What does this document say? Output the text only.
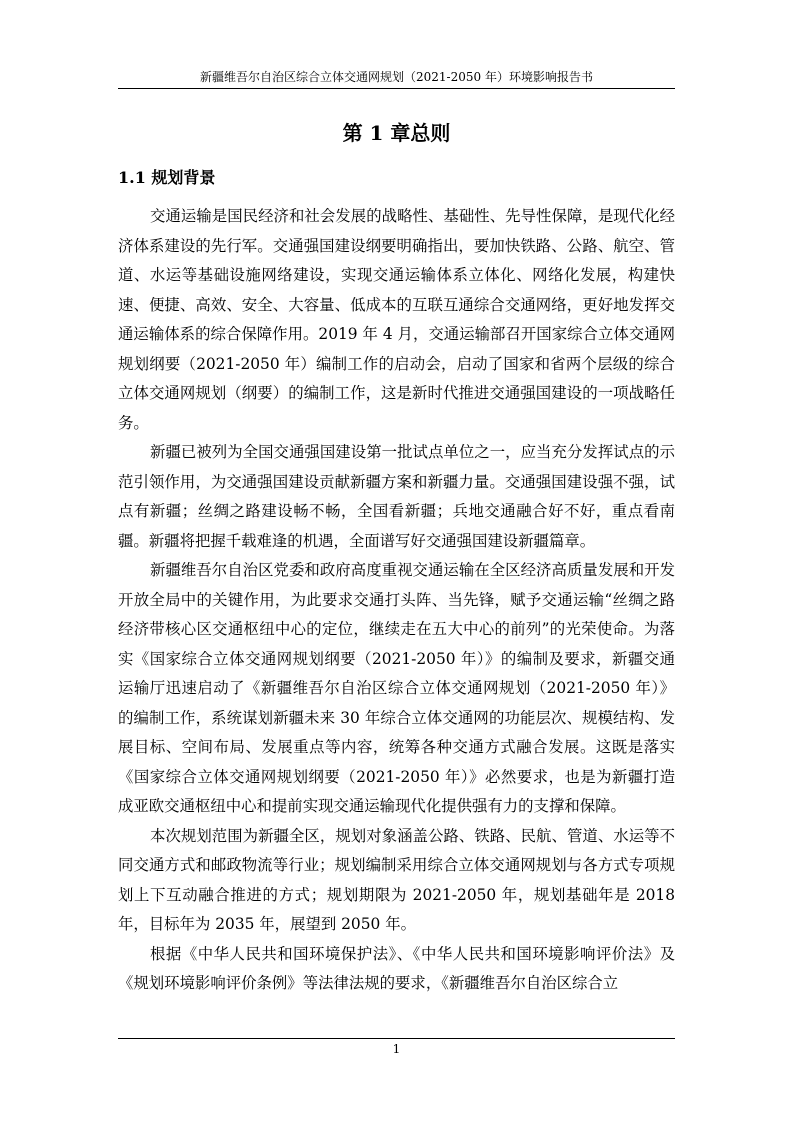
新疆维吾尔自治区综合立体交通网规划（2021-2050 年）环境影响报告书
第 1 章总则
1.1 规划背景

交通运输是国民经济和社会发展的战略性、基础性、先导性保障，是现代化经济体系建设的先行军。交通强国建设纲要明确指出，要加快铁路、公路、航空、管道、水运等基础设施网络建设，实现交通运输体系立体化、网络化发展，构建快速、便捷、高效、安全、大容量、低成本的互联互通综合交通网络，更好地发挥交通运输体系的综合保障作用。2019 年 4 月，交通运输部召开国家综合立体交通网规划纲要（2021-2050 年）编制工作的启动会，启动了国家和省两个层级的综合立体交通网规划（纲要）的编制工作，这是新时代推进交通强国建设的一项战略任务。

新疆已被列为全国交通强国建设第一批试点单位之一，应当充分发挥试点的示范引领作用，为交通强国建设贡献新疆方案和新疆力量。交通强国建设强不强，试点有新疆；丝绸之路建设畅不畅，全国看新疆；兵地交通融合好不好，重点看南疆。新疆将把握千载难逢的机遇，全面谱写好交通强国建设新疆篇章。

新疆维吾尔自治区党委和政府高度重视交通运输在全区经济高质量发展和开发开放全局中的关键作用，为此要求交通打头阵、当先锋，赋予交通运输“丝绸之路经济带核心区交通枢纽中心的定位，继续走在五大中心的前列”的光荣使命。为落实《国家综合立体交通网规划纲要（2021-2050 年）》的编制及要求，新疆交通运输厅迅速启动了《新疆维吾尔自治区综合立体交通网规划（2021-2050 年）》的编制工作，系统谋划新疆未来 30 年综合立体交通网的功能层次、规模结构、发展目标、空间布局、发展重点等内容，统筹各种交通方式融合发展。这既是落实《国家综合立体交通网规划纲要（2021-2050 年）》必然要求，也是为新疆打造成亚欧交通枢纽中心和提前实现交通运输现代化提供强有力的支撑和保障。

本次规划范围为新疆全区，规划对象涵盖公路、铁路、民航、管道、水运等不同交通方式和邮政物流等行业；规划编制采用综合立体交通网规划与各方式专项规划上下互动融合推进的方式；规划期限为 2021-2050 年，规划基础年是 2018 年，目标年为 2035 年，展望到 2050 年。

根据《中华人民共和国环境保护法》、《中华人民共和国环境影响评价法》及《规划环境影响评价条例》等法律法规的要求，《新疆维吾尔自治区综合立

1
